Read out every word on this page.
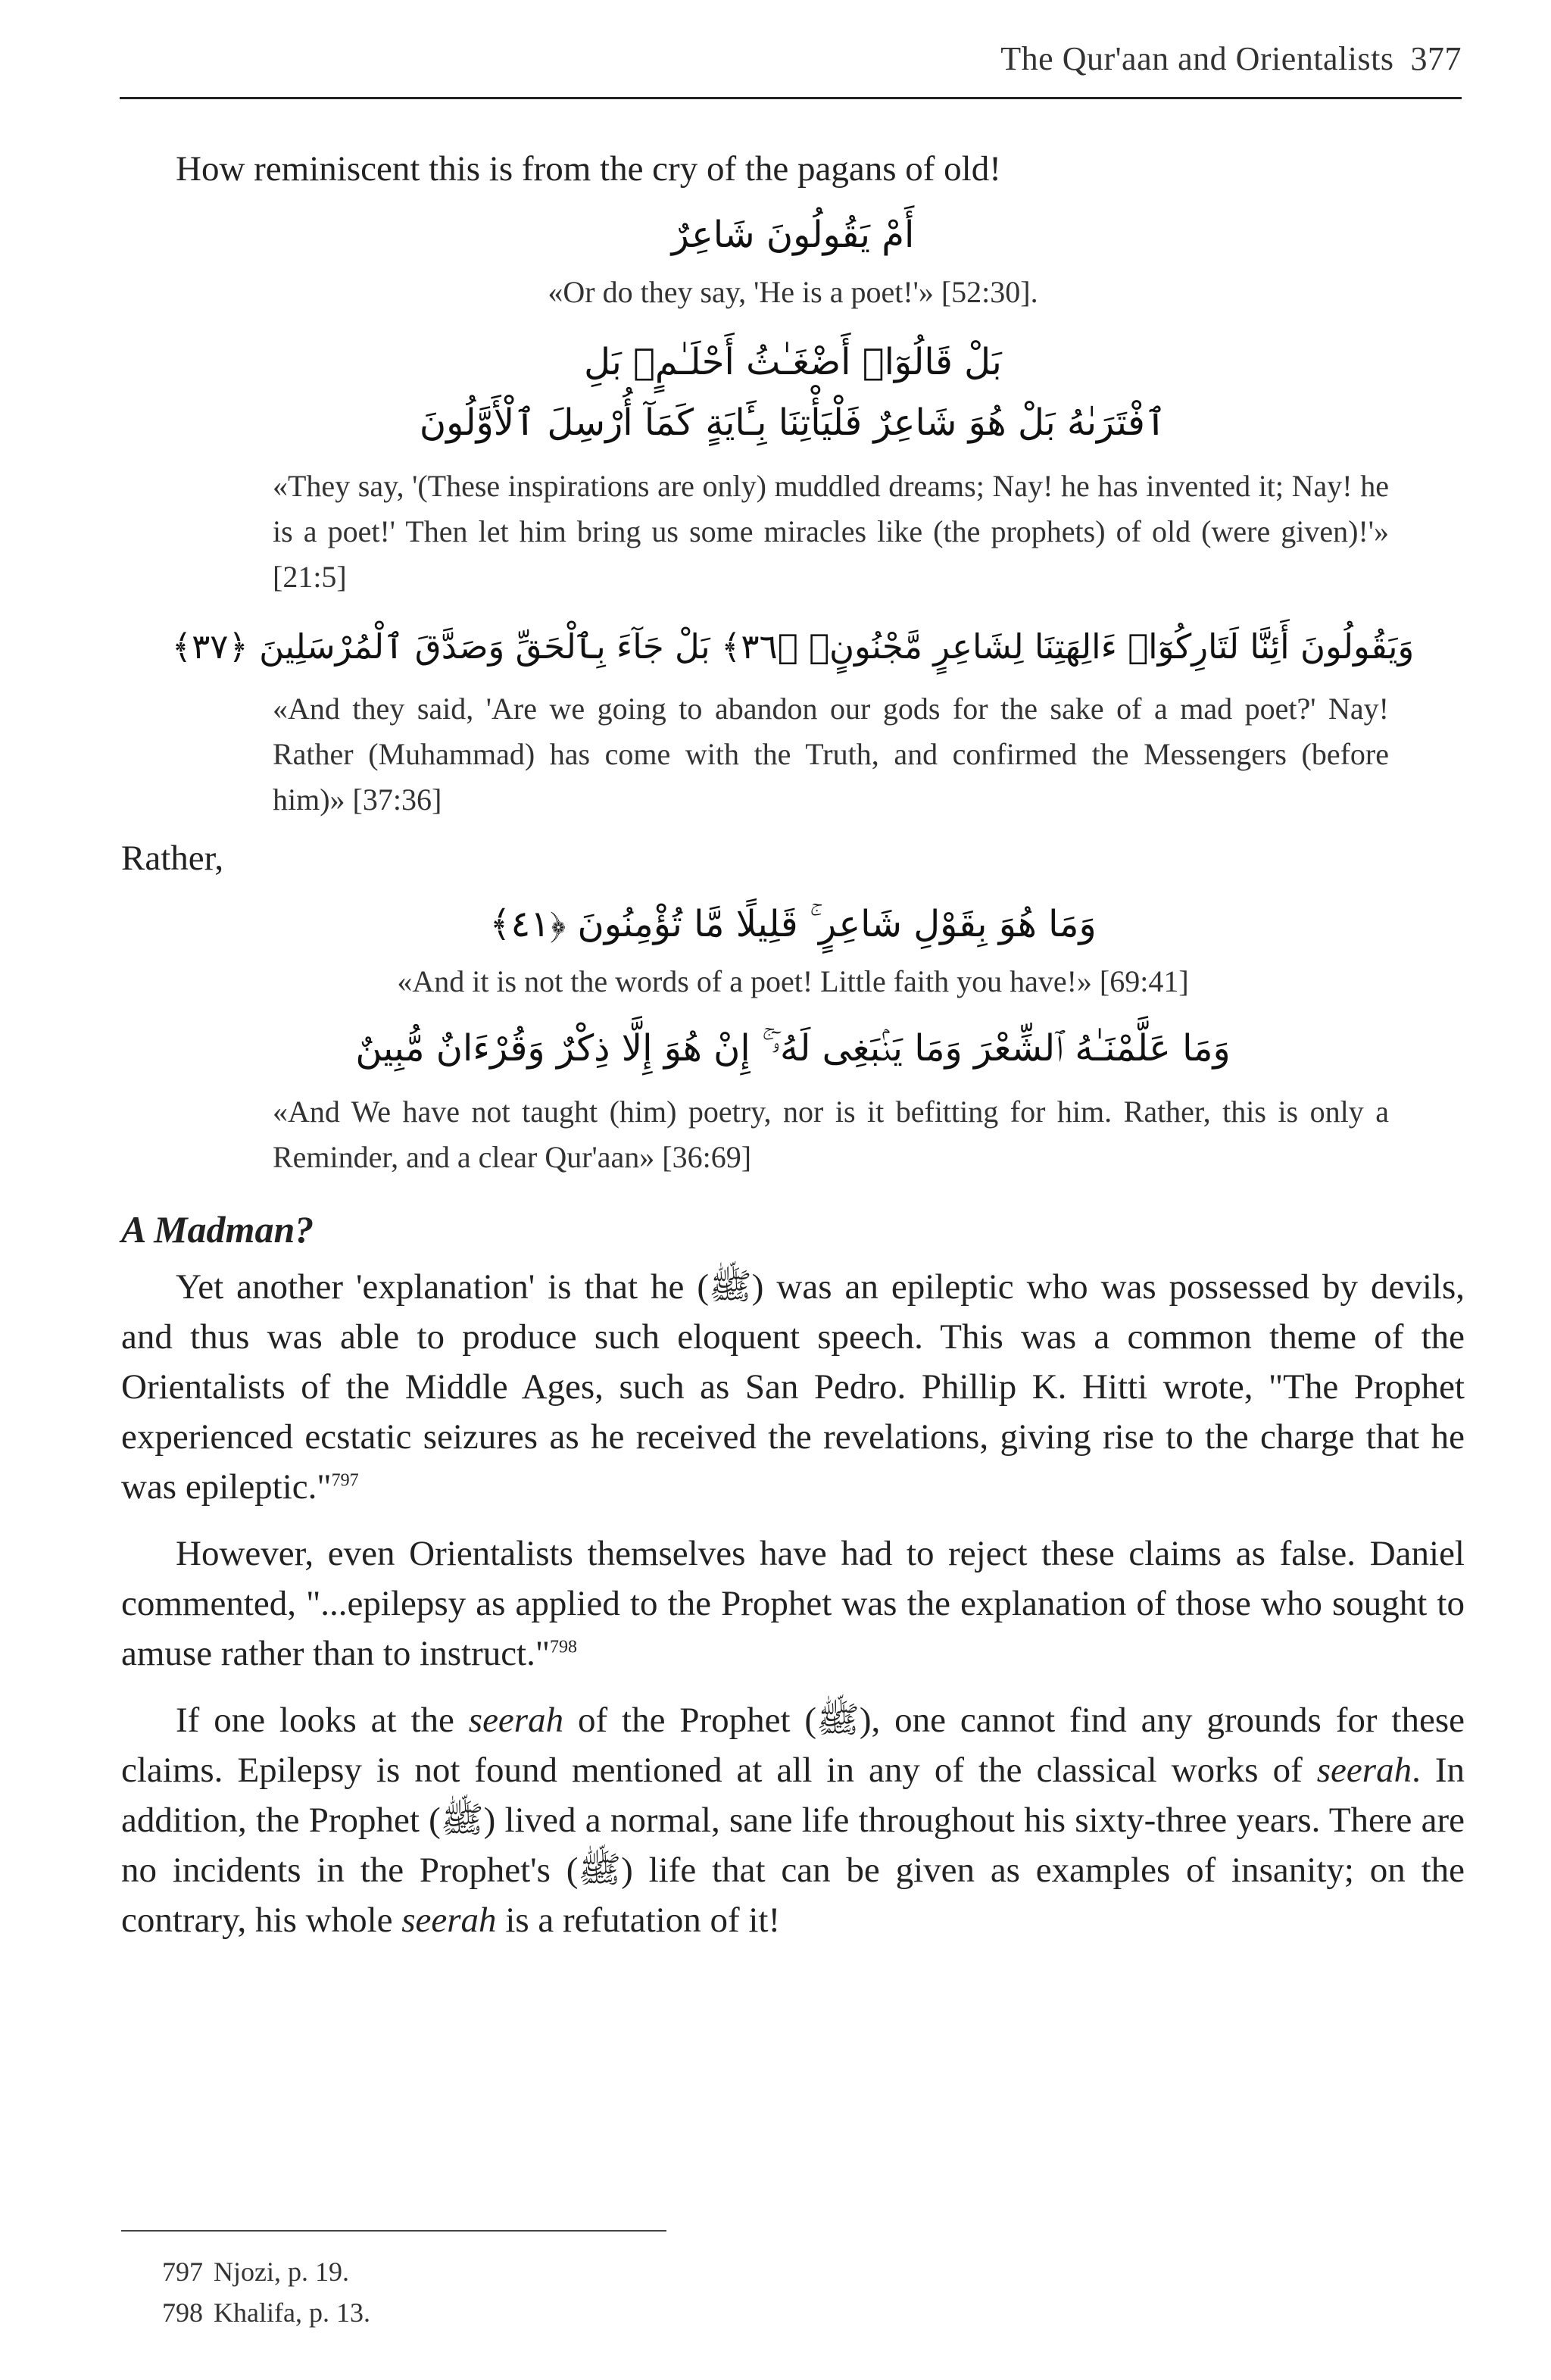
The Qur'aan and Orientalists 377

How reminiscent this is from the cry of the pagans of old!

أَمْ يَقُولُونَ شَاعِرٌ

«Or do they say, 'He is a poet!'» [52:30].

بَلْ قَالُوٓا۟ أَضْغَـٰثُ أَحْلَـٰمٍۭ بَلِ

ٱفْتَرَىٰهُ بَلْ هُوَ شَاعِرٌ فَلْيَأْتِنَا بِـَٔايَةٍ كَمَآ أُرْسِلَ ٱلْأَوَّلُونَ

«They say, '(These inspirations are only) muddled dreams; Nay! he has invented it; Nay! he is a poet!' Then let him bring us some miracles like (the prophets) of old (were given)!'» [21:5]

وَيَقُولُونَ أَئِنَّا لَتَارِكُوٓا۟ ءَالِهَتِنَا لِشَاعِرٍ مَّجْنُونٍۭ ﴿٣٦﴾ بَلْ جَآءَ بِٱلْحَقِّ وَصَدَّقَ ٱلْمُرْسَلِينَ ﴿٣٧﴾

«And they said, 'Are we going to abandon our gods for the sake of a mad poet?' Nay! Rather (Muhammad) has come with the Truth, and confirmed the Messengers (before him)» [37:36]

Rather,

وَمَا هُوَ بِقَوْلِ شَاعِرٍ ۚ قَلِيلًا مَّا تُؤْمِنُونَ ﴿٤١﴾

«And it is not the words of a poet! Little faith you have!» [69:41]

وَمَا عَلَّمْنَـٰهُ ٱلشِّعْرَ وَمَا يَنۢبَغِى لَهُۥٓ ۚ إِنْ هُوَ إِلَّا ذِكْرٌ وَقُرْءَانٌ مُّبِينٌ

«And We have not taught (him) poetry, nor is it befitting for him. Rather, this is only a Reminder, and a clear Qur'aan» [36:69]

A Madman?

Yet another 'explanation' is that he (ﷺ) was an epileptic who was possessed by devils, and thus was able to produce such eloquent speech. This was a common theme of the Orientalists of the Middle Ages, such as San Pedro. Phillip K. Hitti wrote, "The Prophet experienced ecstatic seizures as he received the revelations, giving rise to the charge that he was epileptic."$^{797}$

However, even Orientalists themselves have had to reject these claims as false. Daniel commented, "...epilepsy as applied to the Prophet was the explanation of those who sought to amuse rather than to instruct."$^{798}$

If one looks at the seerah of the Prophet (ﷺ), one cannot find any grounds for these claims. Epilepsy is not found mentioned at all in any of the classical works of seerah. In addition, the Prophet (ﷺ) lived a normal, sane life throughout his sixty-three years. There are no incidents in the Prophet's (ﷺ) life that can be given as examples of insanity; on the contrary, his whole seerah is a refutation of it!

797 Njozi, p. 19.

798 Khalifa, p. 13.
